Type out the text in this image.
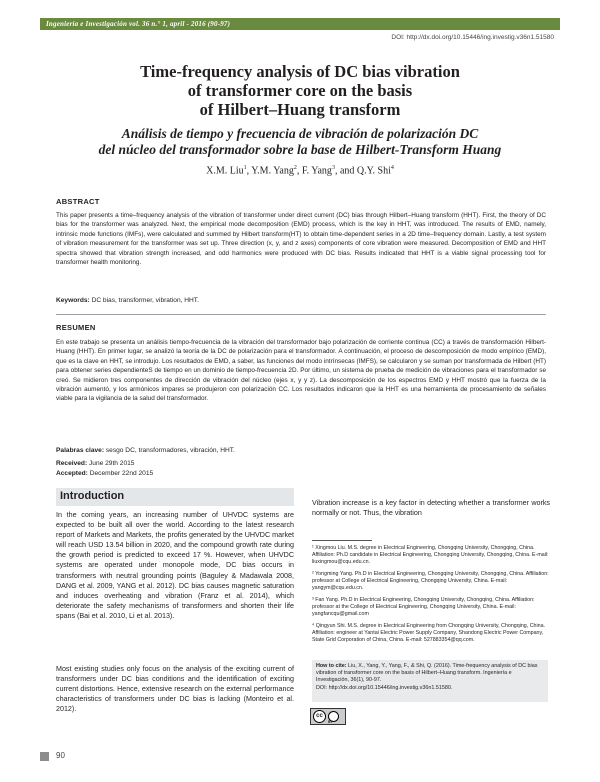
Ingeniería e Investigación vol. 36 n.° 1, april - 2016 (90-97)
DOI: http://dx.doi.org/10.15446/ing.investig.v36n1.51580
Time-frequency analysis of DC bias vibration
of transformer core on the basis
of Hilbert–Huang transform
Análisis de tiempo y frecuencia de vibración de polarización DC
del núcleo del transformador sobre la base de Hilbert-Transform Huang
X.M. Liu$^1$, Y.M. Yang$^2$, F. Yang$^3$, and Q.Y. Shi$^4$
ABSTRACT
This paper presents a time–frequency analysis of the vibration of transformer under direct current (DC) bias through Hilbert–Huang transform (HHT). First, the theory of DC bias for the transformer was analyzed. Next, the empirical mode decomposition (EMD) process, which is the key in HHT, was introduced. The results of EMD, namely, intrinsic mode functions (IMFs), were calculated and summed by Hilbert transform(HT) to obtain time-dependent series in a 2D time–frequency domain. Lastly, a test system of vibration measurement for the transformer was set up. Three direction (x, y, and z axes) components of core vibration were measured. Decomposition of EMD and HHT spectra showed that vibration strength increased, and odd harmonics were produced with DC bias. Results indicated that HHT is a viable signal processing tool for transformer health monitoring.
Keywords: DC bias, transformer, vibration, HHT.
RESUMEN
En este trabajo se presenta un análisis tiempo-frecuencia de la vibración del transformador bajo polarización de corriente continua (CC) a través de transformación Hilbert-Huang (HHT). En primer lugar, se analizó la teoría de la DC de polarización para el transformador. A continuación, el proceso de descomposición de modo empírico (EMD), que es la clave en HHT, se introdujo. Los resultados de EMD, a saber, las funciones del modo intrínsecas (IMFS), se calcularon y se suman por transformada de Hilbert (HT) para obtener series dependienteS de tiempo en un dominio de tiempo-frecuencia 2D. Por último, un sistema de prueba de medición de vibraciones para el transformador se creó. Se midieron tres componentes de dirección de vibración del núcleo (ejes x, y y z). La descomposición de los espectros EMD y HHT mostró que la fuerza de la vibración aumentó, y los armónicos impares se produjeron con polarización CC. Los resultados indicaron que la HHT es una herramienta de procesamiento de señales viable para la vigilancia de la salud del transformador.
Palabras clave: sesgo DC, transformadores, vibración, HHT.
Received: June 29th 2015
Accepted: December 22nd 2015
Introduction
In the coming years, an increasing number of UHVDC systems are expected to be built all over the world. According to the latest research report of Markets and Markets, the profits generated by the UHVDC market will reach USD 13.54 billion in 2020, and the compound growth rate during the growth period is predicted to exceed 17 %. However, when UHVDC systems are operated under monopole mode, DC bias occurs in transformers with neutral grounding points (Baguley & Madawala 2008, DANG et al. 2009, YANG et al. 2012). DC bias causes magnetic saturation and induces overheating and vibration (Franz et al. 2014), which deteriorate the safety mechanisms of transformers and shorten their life spans (Bai et al. 2010, Li et al. 2013).
Most existing studies only focus on the analysis of the exciting current of transformers under DC bias conditions and the identification of exciting current distortions. Hence, extensive research on the external performance characteristics of transformers under DC bias is lacking (Monteiro et al. 2012).
Vibration increase is a key factor in detecting whether a transformer works normally or not. Thus, the vibration
¹ Xingmou Liu. M.S. degree in Electrical Engineering, Chongqing University, Chongqing, China. Affiliation: Ph.D candidate in Electrical Engineering, Chongqing University, Chongqing, China. E-mail: liuxingmou@cqu.edu.cn.
² Yongming Yang. Ph.D in Electrical Engineering, Chongqing University, Chongqing, China. Affiliation: professor at College of Electrical Engineering, Chongqing University, China. E-mail: yangym@cqu.edu.cn.
³ Fan Yang. Ph.D in Electrical Engineering, Chongqing University, Chongqing, China. Affiliation: professor at the College of Electrical Engineering, Chongqing University, China. E-mail: yangfancqu@gmail.com
⁴ Qingyun Shi. M.S. degree in Electrical Engineering from Chongqing University, Chongqing, China. Affiliation: engineer at Yantai Electric Power Supply Company, Shandong Electric Power Company, State Grid Corporation of China, China. E-mail: 527883354@qq.com.

How to cite: Liu, X., Yang, Y., Yang, F., & Shi, Q. (2016). Time-frequency analysis of DC bias vibration of transformer core on the basis of Hilbert–Huang transform. Ingeniería e Investigación, 36(1), 90-97.
DOI: http://dx.doi.org/10.15446/ing.investig.v36n1.51580.

cc
BY
90
